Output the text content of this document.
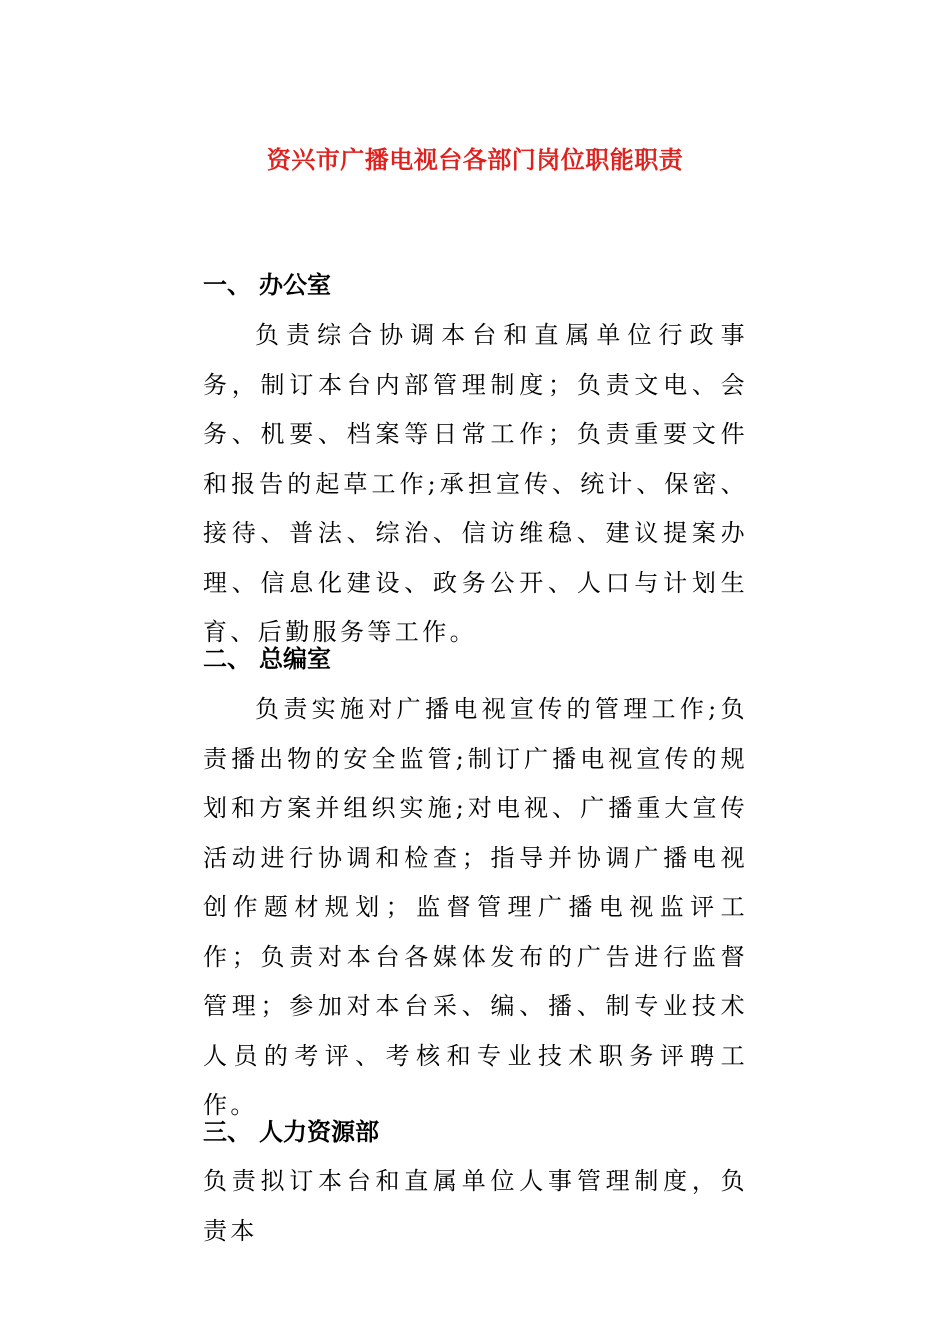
资兴市广播电视台各部门岗位职能职责
一、 办公室
负责综合协调本台和直属单位行政事务，制订本台内部管理制度；负责文电、会务、机要、档案等日常工作；负责重要文件和报告的起草工作;承担宣传、统计、保密、接待、普法、综治、信访维稳、建议提案办理、信息化建设、政务公开、人口与计划生育、后勤服务等工作。
二、 总编室
负责实施对广播电视宣传的管理工作;负责播出物的安全监管;制订广播电视宣传的规划和方案并组织实施;对电视、广播重大宣传活动进行协调和检查；指导并协调广播电视创作题材规划；监督管理广播电视监评工作；负责对本台各媒体发布的广告进行监督管理；参加对本台采、编、播、制专业技术人员的考评、考核和专业技术职务评聘工作。
三、 人力资源部
负责拟订本台和直属单位人事管理制度，负责本
